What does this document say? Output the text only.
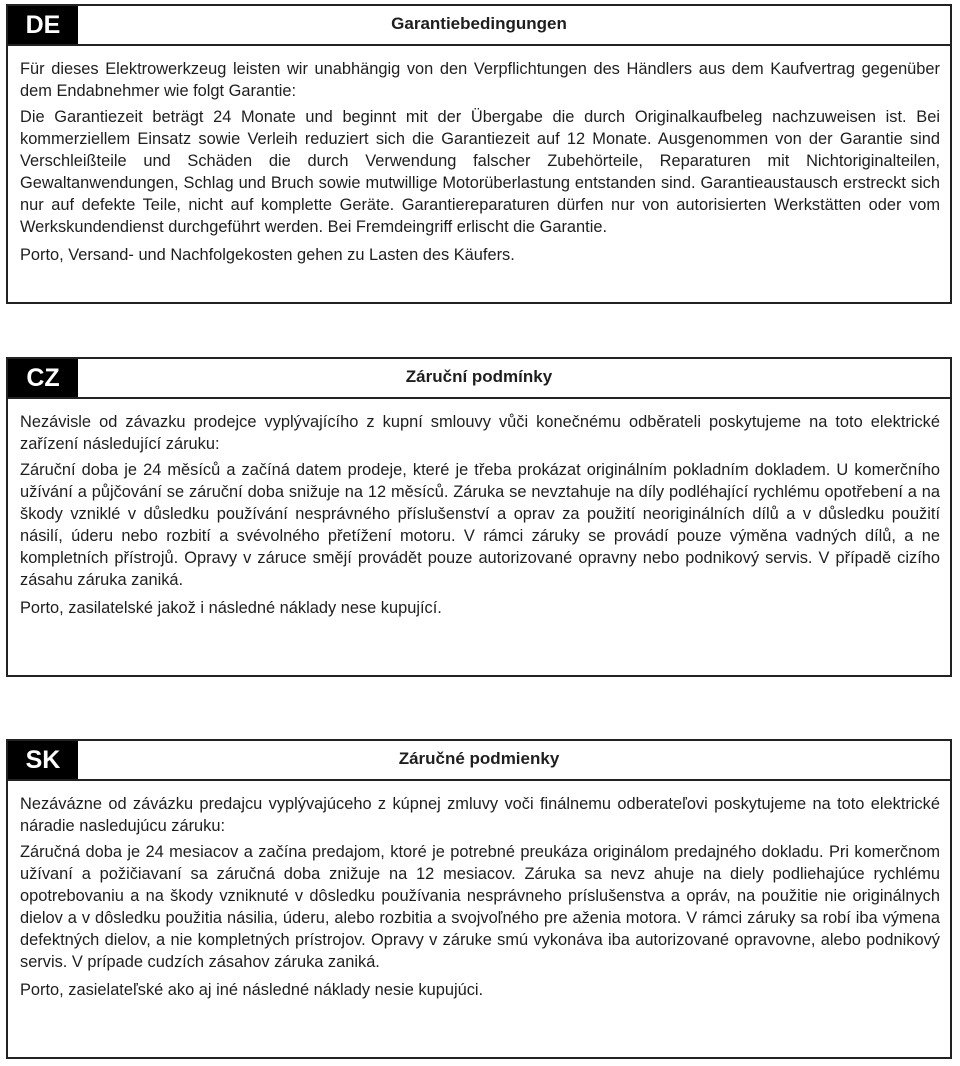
DE	Garantiebedingungen

Für dieses Elektrowerkzeug leisten wir unabhängig von den Verpflichtungen des Händlers aus dem Kaufvertrag gegenüber dem Endabnehmer wie folgt Garantie:

Die Garantiezeit beträgt 24 Monate und beginnt mit der Übergabe die durch Originalkaufbeleg nachzuweisen ist. Bei kommerziellem Einsatz sowie Verleih reduziert sich die Garantiezeit auf 12 Monate. Ausgenommen von der Garantie sind Verschleißteile und Schäden die durch Verwendung falscher Zubehörteile, Reparaturen mit Nichtoriginalteilen, Gewaltanwendungen, Schlag und Bruch sowie mutwillige Motorüberlastung entstanden sind. Garantieaustausch erstreckt sich nur auf defekte Teile, nicht auf komplette Geräte. Garantiereparaturen dürfen nur von autorisierten Werkstätten oder vom Werkskundendienst durchgeführt werden. Bei Fremdeingriff erlischt die Garantie.

Porto, Versand- und Nachfolgekosten gehen zu Lasten des Käufers.

CZ	Záruční podmínky

Nezávisle od závazku prodejce vyplývajícího z kupní smlouvy vůči konečnému odběrateli poskytujeme na toto elektrické zařízení následující záruku:

Záruční doba je 24 měsíců a začíná datem prodeje, které je třeba prokázat originálním pokladním dokladem. U komerčního užívání a půjčování se záruční doba snižuje na 12 měsíců. Záruka se nevztahuje na díly podléhající rychlému opotřebení a na škody vzniklé v důsledku používání nesprávného příslušenství a oprav za použití neoriginálních dílů a v důsledku použití násilí, úderu nebo rozbití a svévolného přetížení motoru. V rámci záruky se provádí pouze výměna vadných dílů, a ne kompletních přístrojů. Opravy v záruce smějí provádět pouze autorizované opravny nebo podnikový servis. V případě cizího zásahu záruka zaniká.

Porto, zasilatelské jakož i následné náklady nese kupující.

SK	Záručné podmienky

Nezávázne od závázku predajcu vyplývajúceho z kúpnej zmluvy voči finálnemu odberateľovi poskytujeme na toto elektrické náradie nasledujúcu záruku:

Záručná doba je 24 mesiacov a začína predajom, ktoré je potrebné preukáza originálom predajného dokladu. Pri komerčnom užívaní a požičiavaní sa záručná doba znižuje na 12 mesiacov. Záruka sa nevz ahuje na diely podliehajúce rychlému opotrebovaniu a na škody vzniknuté v dôsledku používania nesprávneho príslušenstva a opráv, na použitie nie originálnych dielov a v dôsledku použitia násilia, úderu, alebo rozbitia a svojvoľného pre aženia motora. V rámci záruky sa robí iba výmena defektných dielov, a nie kompletných prístrojov. Opravy v záruke smú vykonáva iba autorizované opravovne, alebo podnikový servis. V prípade cudzích zásahov záruka zaniká.

Porto, zasielateľské ako aj iné následné náklady nesie kupujúci.
